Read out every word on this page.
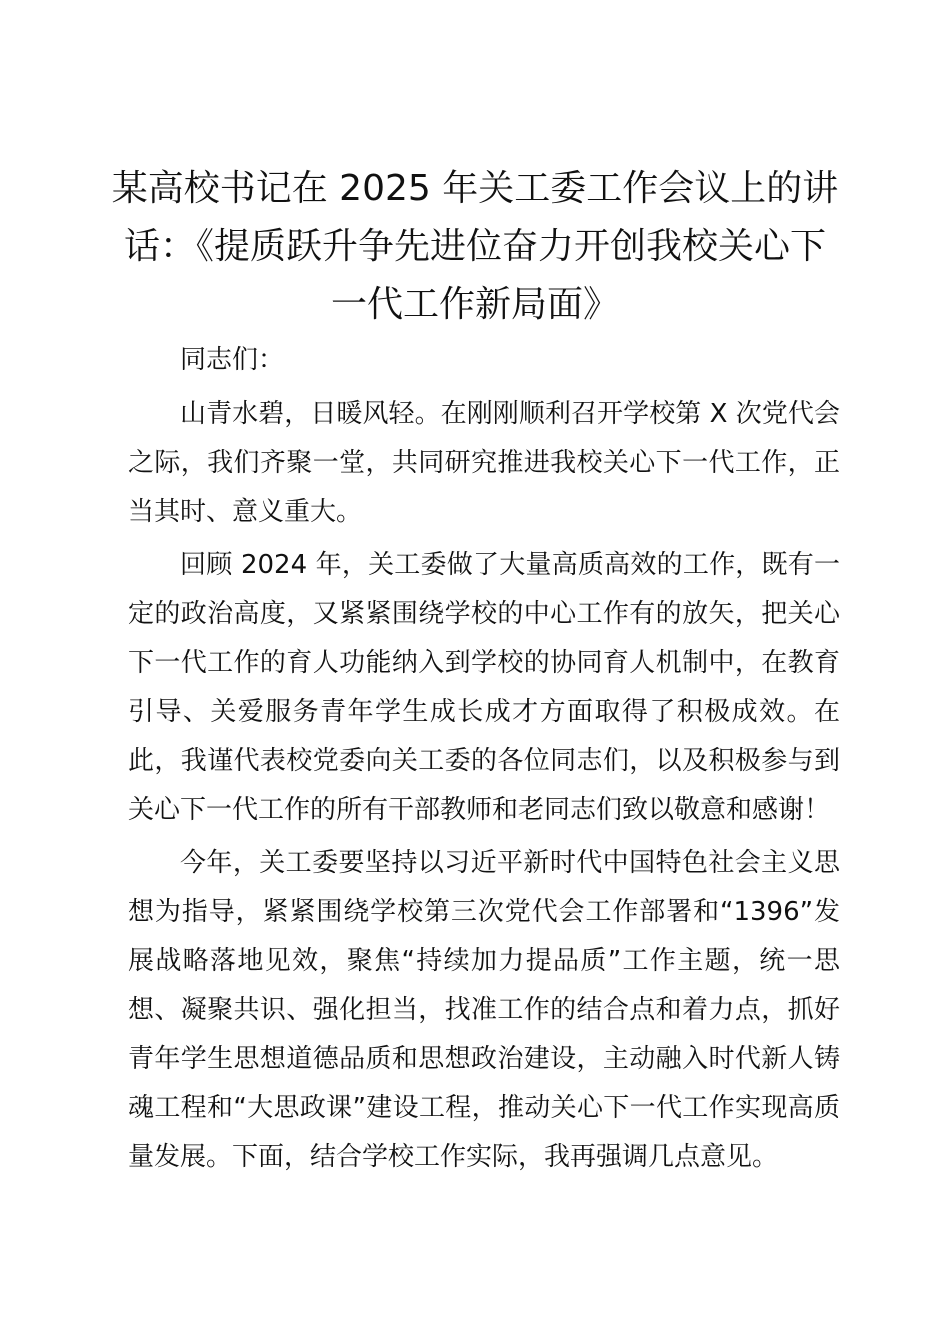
某高校书记在 2025 年关工委工作会议上的讲话：《提质跃升争先进位奋力开创我校关心下一代工作新局面》

同志们：

山青水碧，日暖风轻。在刚刚顺利召开学校第 X 次党代会之际，我们齐聚一堂，共同研究推进我校关心下一代工作，正当其时、意义重大。

回顾 2024 年，关工委做了大量高质高效的工作，既有一定的政治高度，又紧紧围绕学校的中心工作有的放矢，把关心下一代工作的育人功能纳入到学校的协同育人机制中，在教育引导、关爱服务青年学生成长成才方面取得了积极成效。在此，我谨代表校党委向关工委的各位同志们，以及积极参与到关心下一代工作的所有干部教师和老同志们致以敬意和感谢！

今年，关工委要坚持以习近平新时代中国特色社会主义思想为指导，紧紧围绕学校第三次党代会工作部署和“1396”发展战略落地见效，聚焦“持续加力提品质”工作主题，统一思想、凝聚共识、强化担当，找准工作的结合点和着力点，抓好青年学生思想道德品质和思想政治建设，主动融入时代新人铸魂工程和“大思政课”建设工程，推动关心下一代工作实现高质量发展。下面，结合学校工作实际，我再强调几点意见。
